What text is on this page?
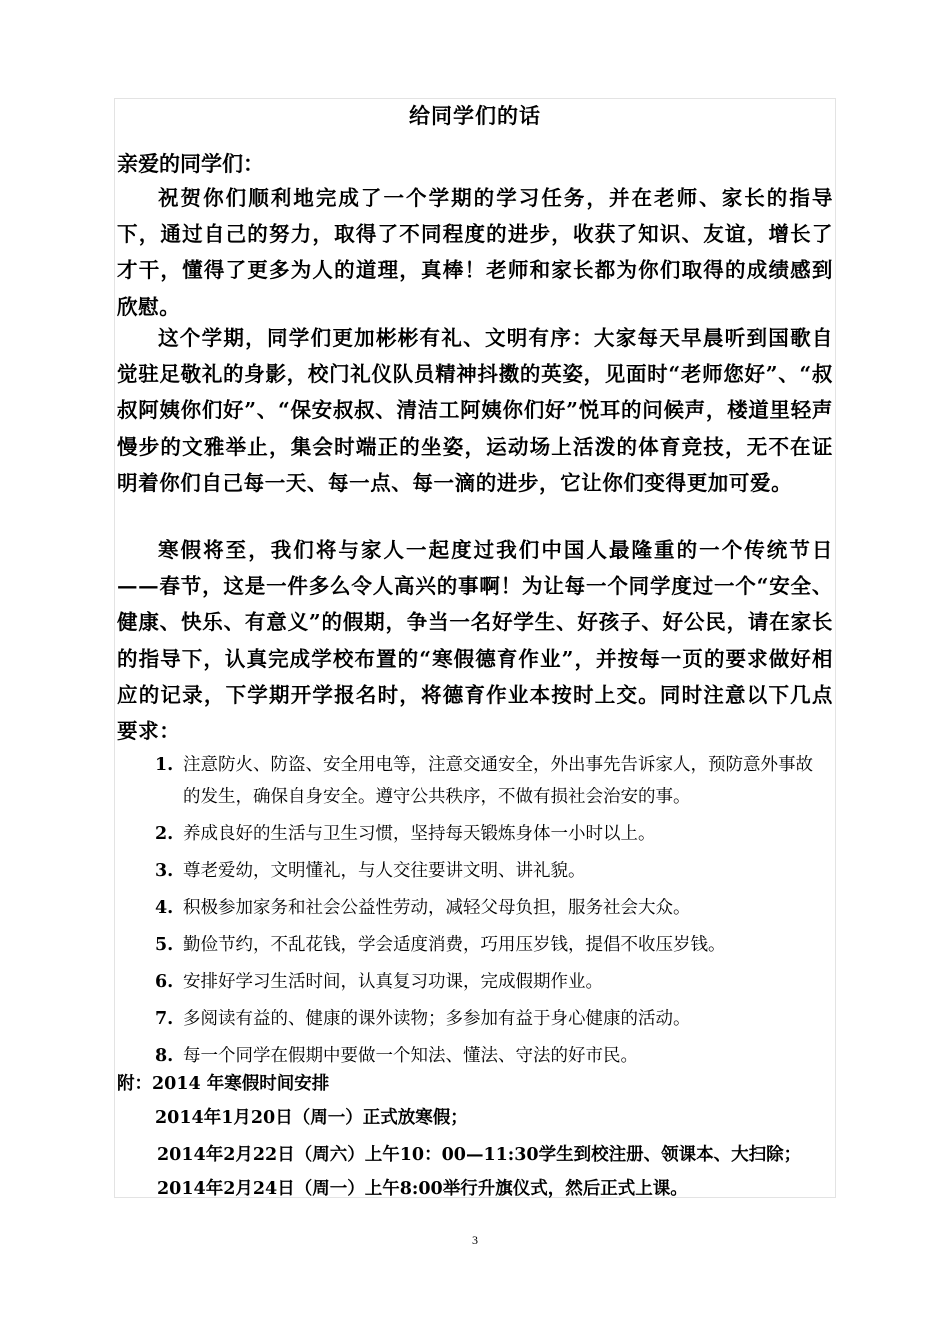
给同学们的话
亲爱的同学们：

祝贺你们顺利地完成了一个学期的学习任务，并在老师、家长的指导下，通过自己的努力，取得了不同程度的进步，收获了知识、友谊，增长了才干，懂得了更多为人的道理，真棒！老师和家长都为你们取得的成绩感到欣慰。

这个学期，同学们更加彬彬有礼、文明有序：大家每天早晨听到国歌自觉驻足敬礼的身影，校门礼仪队员精神抖擞的英姿，见面时“老师您好”、“叔叔阿姨你们好”、“保安叔叔、清洁工阿姨你们好”悦耳的问候声，楼道里轻声慢步的文雅举止，集会时端正的坐姿，运动场上活泼的体育竞技，无不在证明着你们自己每一天、每一点、每一滴的进步，它让你们变得更加可爱。

寒假将至，我们将与家人一起度过我们中国人最隆重的一个传统节日——春节，这是一件多么令人高兴的事啊！为让每一个同学度过一个“安全、健康、快乐、有意义”的假期，争当一名好学生、好孩子、好公民，请在家长的指导下，认真完成学校布置的“寒假德育作业”，并按每一页的要求做好相应的记录，下学期开学报名时，将德育作业本按时上交。同时注意以下几点要求：

1. 注意防火、防盗、安全用电等，注意交通安全，外出事先告诉家人，预防意外事故的发生，确保自身安全。遵守公共秩序，不做有损社会治安的事。
2. 养成良好的生活与卫生习惯，坚持每天锻炼身体一小时以上。
3. 尊老爱幼，文明懂礼，与人交往要讲文明、讲礼貌。
4. 积极参加家务和社会公益性劳动，减轻父母负担，服务社会大众。
5. 勤俭节约，不乱花钱，学会适度消费，巧用压岁钱，提倡不收压岁钱。
6. 安排好学习生活时间，认真复习功课，完成假期作业。
7. 多阅读有益的、健康的课外读物；多参加有益于身心健康的活动。
8. 每一个同学在假期中要做一个知法、懂法、守法的好市民。
附：2014 年寒假时间安排
2014年1月20日（周一）正式放寒假；
2014年2月22日（周六）上午10：00—11:30学生到校注册、领课本、大扫除；
2014年2月24日（周一）上午8:00举行升旗仪式，然后正式上课。
3
